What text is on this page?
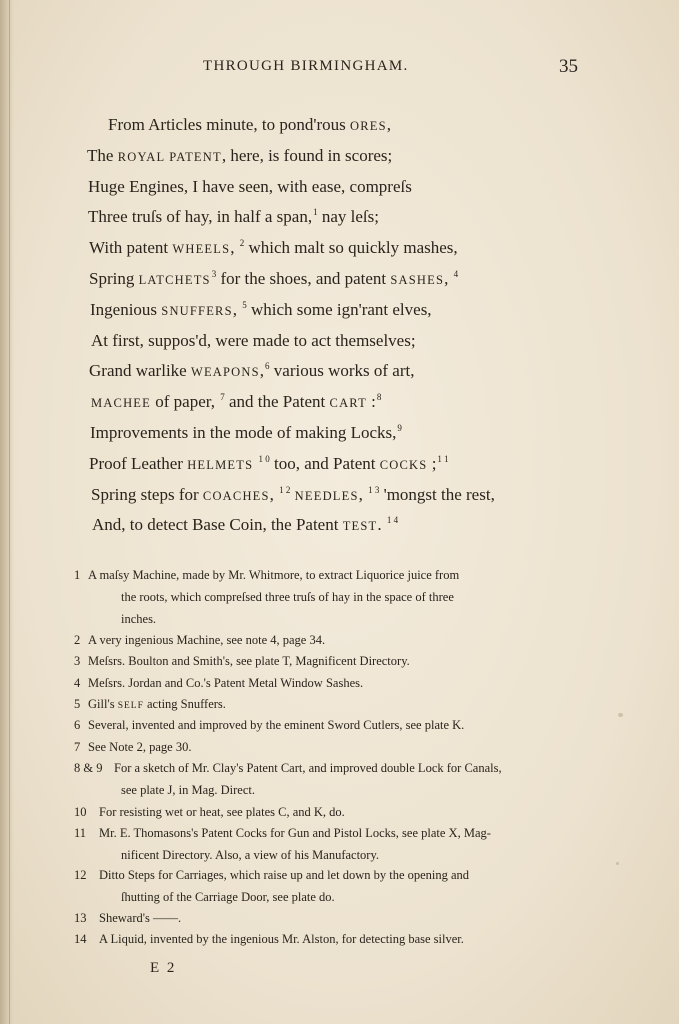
THROUGH BIRMINGHAM.	35
From Articles minute, to pond'rous ORES,
The ROYAL PATENT, here, is found in scores;
Huge Engines, I have seen, with ease, compreſs
Three truſs of hay, in half a span,$^1$ nay leſs;
With patent WHEELS, $^2$ which malt so quickly mashes,
Spring LATCHETS$^3$ for the shoes, and patent SASHES, $^4$
Ingenious SNUFFERS, $^5$ which some ign'rant elves,
At first, suppos'd, were made to act themselves;
Grand warlike WEAPONS,$^6$ various works of art,
MACHEE of paper, $^7$ and the Patent CART :$^8$
Improvements in the mode of making Locks,$^9$
Proof Leather HELMETS $^{1 0}$ too, and Patent COCKS ;$^{1 1}$
Spring steps for COACHES, $^{1 2}$ NEEDLES, $^{1 3}$ 'mongst the rest,
And, to detect Base Coin, the Patent TEST. $^{1 4}$
1 A maſsy Machine, made by Mr. Whitmore, to extract Liquorice juice from
the roots, which compreſsed three truſs of hay in the space of three
inches.
2 A very ingenious Machine, see note 4, page 34.
3 Meſsrs. Boulton and Smith's, see plate T, Magnificent Directory.
4 Meſsrs. Jordan and Co.'s Patent Metal Window Sashes.
5 Gill's SELF acting Snuffers.
6 Several, invented and improved by the eminent Sword Cutlers, see plate K.
7 See Note 2, page 30.
8 & 9 For a sketch of Mr. Clay's Patent Cart, and improved double Lock for Canals,
see plate J, in Mag. Direct.
10 For resisting wet or heat, see plates C, and K, do.
11 Mr. E. Thomasons's Patent Cocks for Gun and Pistol Locks, see plate X, Mag-
nificent Directory. Also, a view of his Manufactory.
12 Ditto Steps for Carriages, which raise up and let down by the opening and
ſhutting of the Carriage Door, see plate do.
13 Sheward's ——.
14 A Liquid, invented by the ingenious Mr. Alston, for detecting base silver.
E 2
